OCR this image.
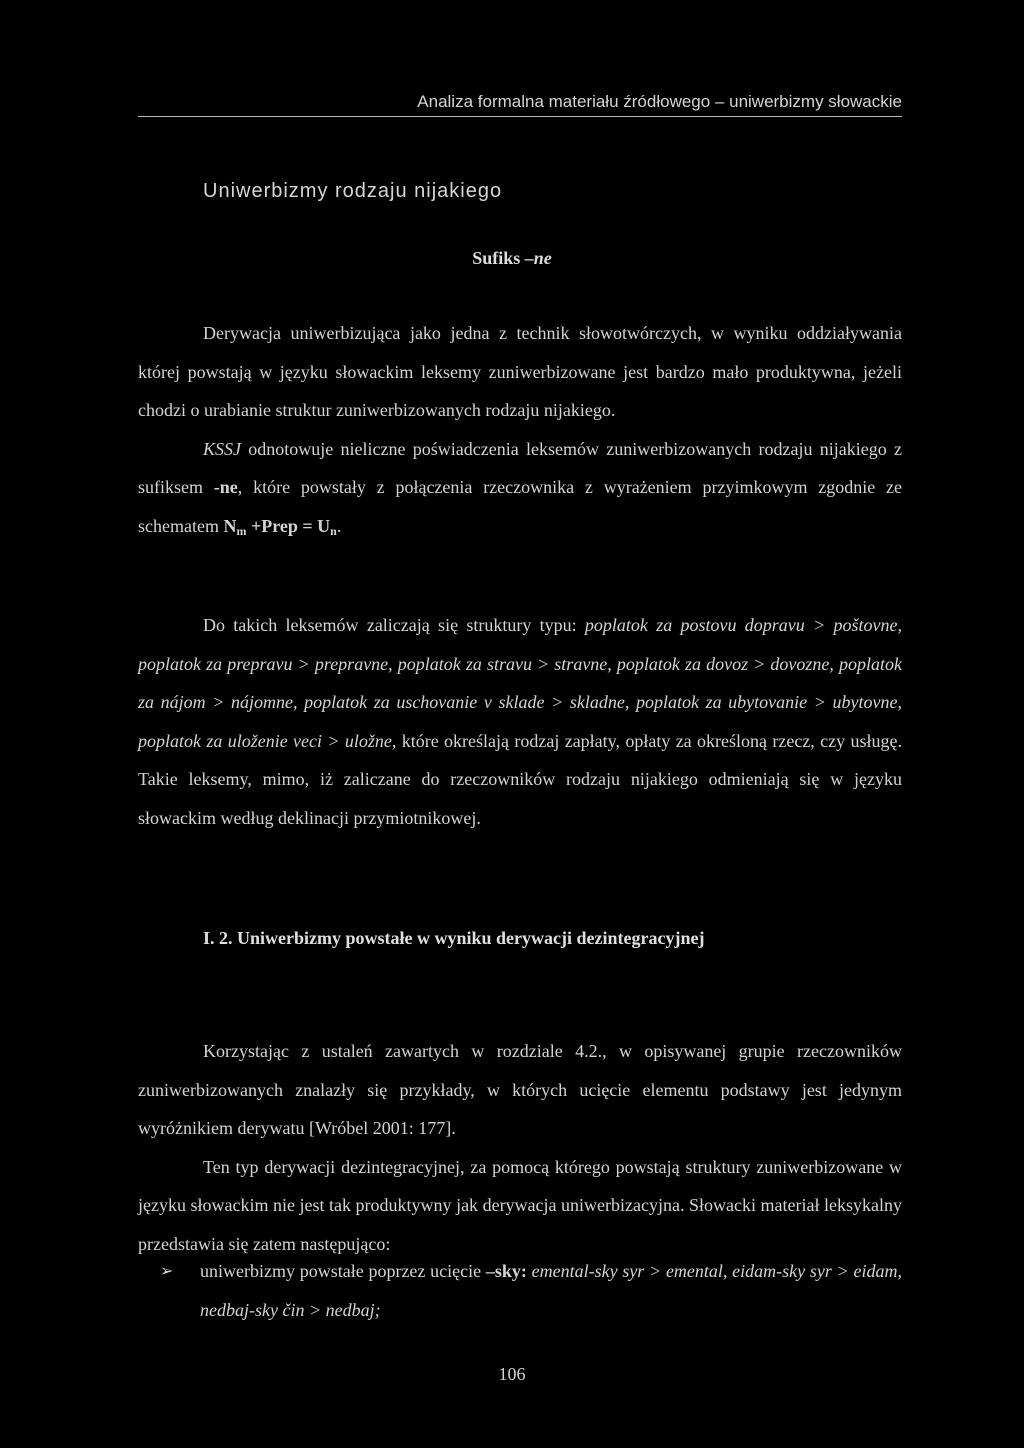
Analiza formalna materiału źródłowego – uniwerbizmy słowackie
Uniwerbizmy rodzaju nijakiego
Sufiks –ne

Derywacja uniwerbizująca jako jedna z technik słowotwórczych, w wyniku oddziaływania której powstają w języku słowackim leksemy zuniwerbizowane jest bardzo mało produktywna, jeżeli chodzi o urabianie struktur zuniwerbizowanych rodzaju nijakiego.

KSSJ odnotowuje nieliczne poświadczenia leksemów zuniwerbizowanych rodzaju nijakiego z sufiksem -ne, które powstały z połączenia rzeczownika z wyrażeniem przyimkowym zgodnie ze schematem $N_m$ +Prep = $U_n$.

Do takich leksemów zaliczają się struktury typu: poplatok za postovu dopravu > poštovne, poplatok za prepravu > prepravne, poplatok za stravu > stravne, poplatok za dovoz > dovozne, poplatok za nájom > nájomne, poplatok za uschovanie v sklade > skladne, poplatok za ubytovanie > ubytovne, poplatok za uloženie veci > uložne, które określają rodzaj zapłaty, opłaty za określoną rzecz, czy usługę. Takie leksemy, mimo, iż zaliczane do rzeczowników rodzaju nijakiego odmieniają się w języku słowackim według deklinacji przymiotnikowej.

I. 2. Uniwerbizmy powstałe w wyniku derywacji dezintegracyjnej

Korzystając z ustaleń zawartych w rozdziale 4.2., w opisywanej grupie rzeczowników zuniwerbizowanych znalazły się przykłady, w których ucięcie elementu podstawy jest jedynym wyróżnikiem derywatu [Wróbel 2001: 177].

Ten typ derywacji dezintegracyjnej, za pomocą którego powstają struktury zuniwerbizowane w języku słowackim nie jest tak produktywny jak derywacja uniwerbizacyjna. Słowacki materiał leksykalny przedstawia się zatem następująco:

➢	uniwerbizmy powstałe poprzez ucięcie –sky: emental-sky syr > emental, eidam-sky syr > eidam, nedbaj-sky čin > nedbaj;
106
